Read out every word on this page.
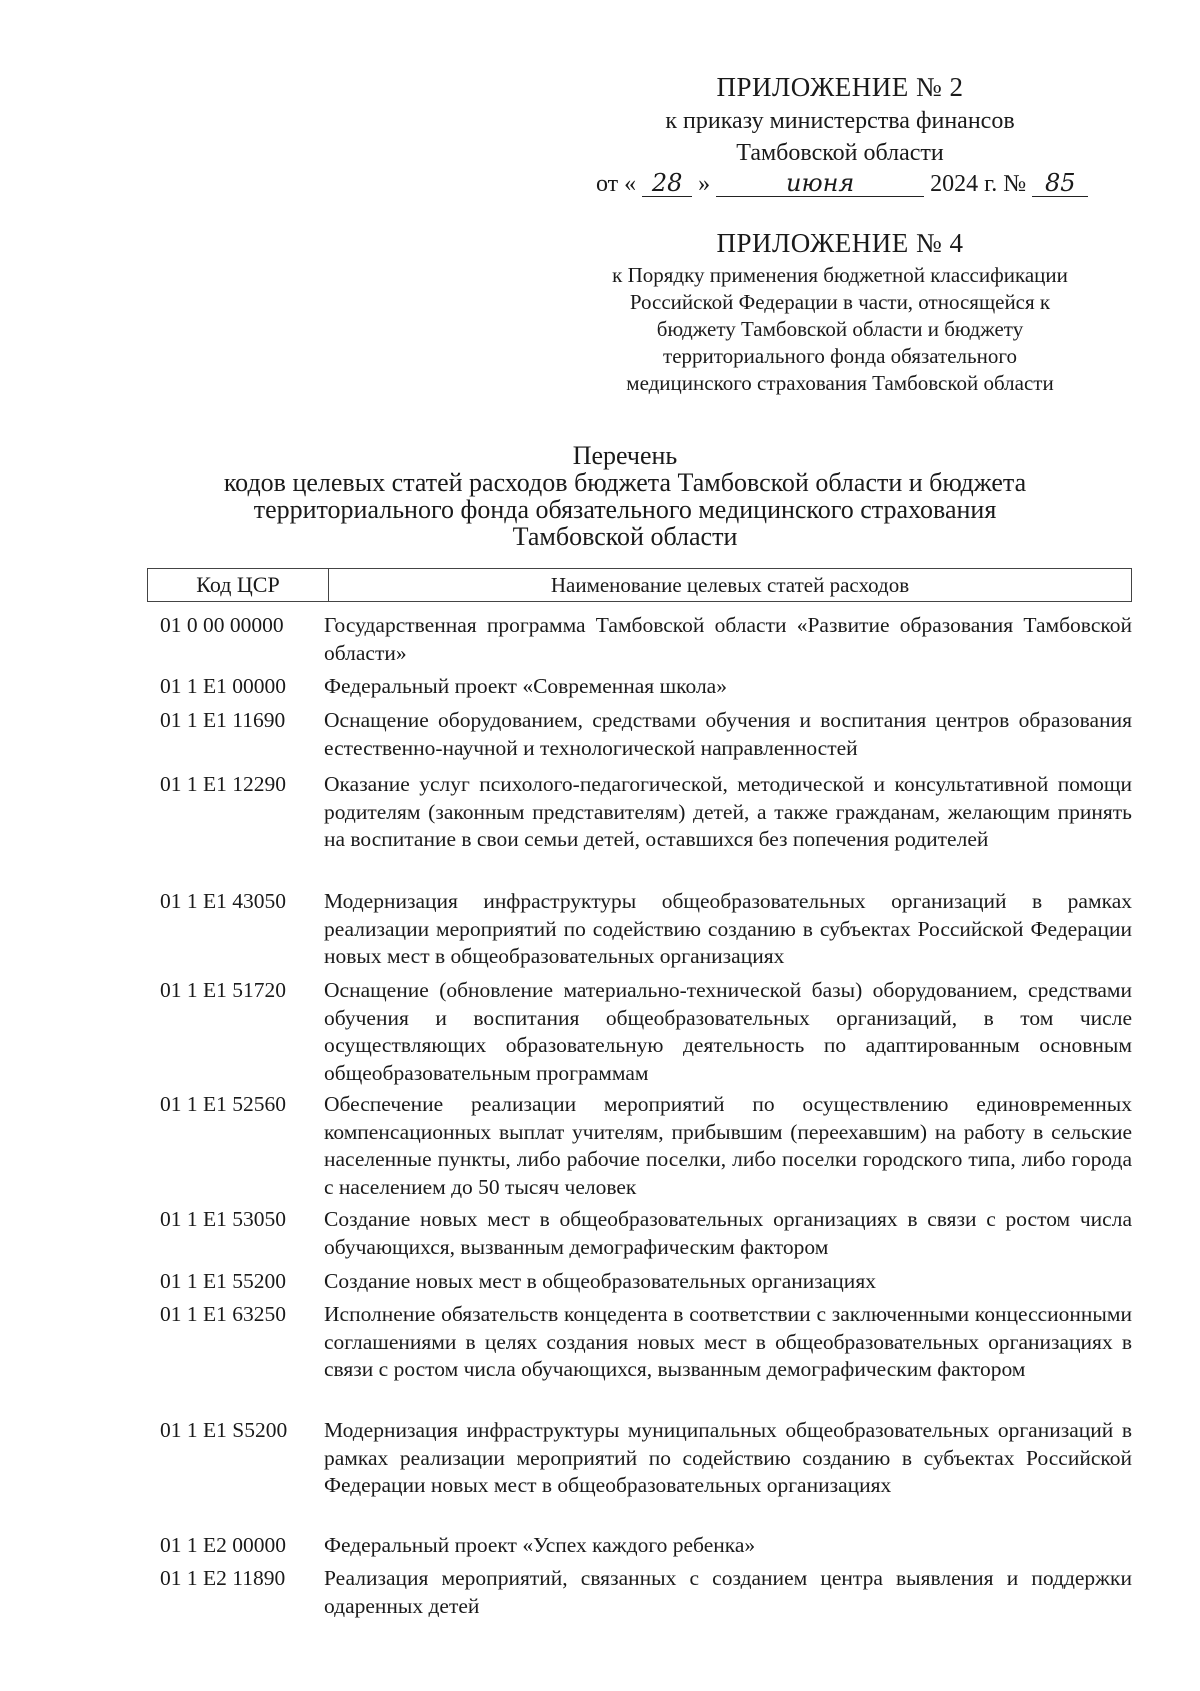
ПРИЛОЖЕНИЕ № 2
к приказу министерства финансов
Тамбовской области
от « 28 »	июня	2024 г. № 85
ПРИЛОЖЕНИЕ № 4
к Порядку применения бюджетной классификации
Российской Федерации в части, относящейся к
бюджету Тамбовской области и бюджету
территориального фонда обязательного
медицинского страхования Тамбовской области
Перечень
кодов целевых статей расходов бюджета Тамбовской области и бюджета
территориального фонда обязательного медицинского страхования
Тамбовской области
Код ЦСР	Наименование целевых статей расходов
01 0 00 00000	Государственная программа Тамбовской области «Развитие образования Тамбовской области»
01 1 E1 00000	Федеральный проект «Современная школа»
01 1 E1 11690	Оснащение оборудованием, средствами обучения и воспитания центров образования естественно-научной и технологической направленностей
01 1 E1 12290	Оказание услуг психолого-педагогической, методической и консультативной помощи родителям (законным представителям) детей, а также гражданам, желающим принять на воспитание в свои семьи детей, оставшихся без попечения родителей
01 1 E1 43050	Модернизация инфраструктуры общеобразовательных организаций в рамках реализации мероприятий по содействию созданию в субъектах Российской Федерации новых мест в общеобразовательных организациях
01 1 E1 51720	Оснащение (обновление материально-технической базы) оборудованием, средствами обучения и воспитания общеобразовательных организаций, в том числе осуществляющих образовательную деятельность по адаптированным основным общеобразовательным программам
01 1 E1 52560	Обеспечение реализации мероприятий по осуществлению единовременных компенсационных выплат учителям, прибывшим (переехавшим) на работу в сельские населенные пункты, либо рабочие поселки, либо поселки городского типа, либо города с населением до 50 тысяч человек
01 1 E1 53050	Создание новых мест в общеобразовательных организациях в связи с ростом числа обучающихся, вызванным демографическим фактором
01 1 E1 55200	Создание новых мест в общеобразовательных организациях
01 1 E1 63250	Исполнение обязательств концедента в соответствии с заключенными концессионными соглашениями в целях создания новых мест в общеобразовательных организациях в связи с ростом числа обучающихся, вызванным демографическим фактором
01 1 E1 S5200	Модернизация инфраструктуры муниципальных общеобразовательных организаций в рамках реализации мероприятий по содействию созданию в субъектах Российской Федерации новых мест в общеобразовательных организациях
01 1 E2 00000	Федеральный проект «Успех каждого ребенка»
01 1 E2 11890	Реализация мероприятий, связанных с созданием центра выявления и поддержки одаренных детей
